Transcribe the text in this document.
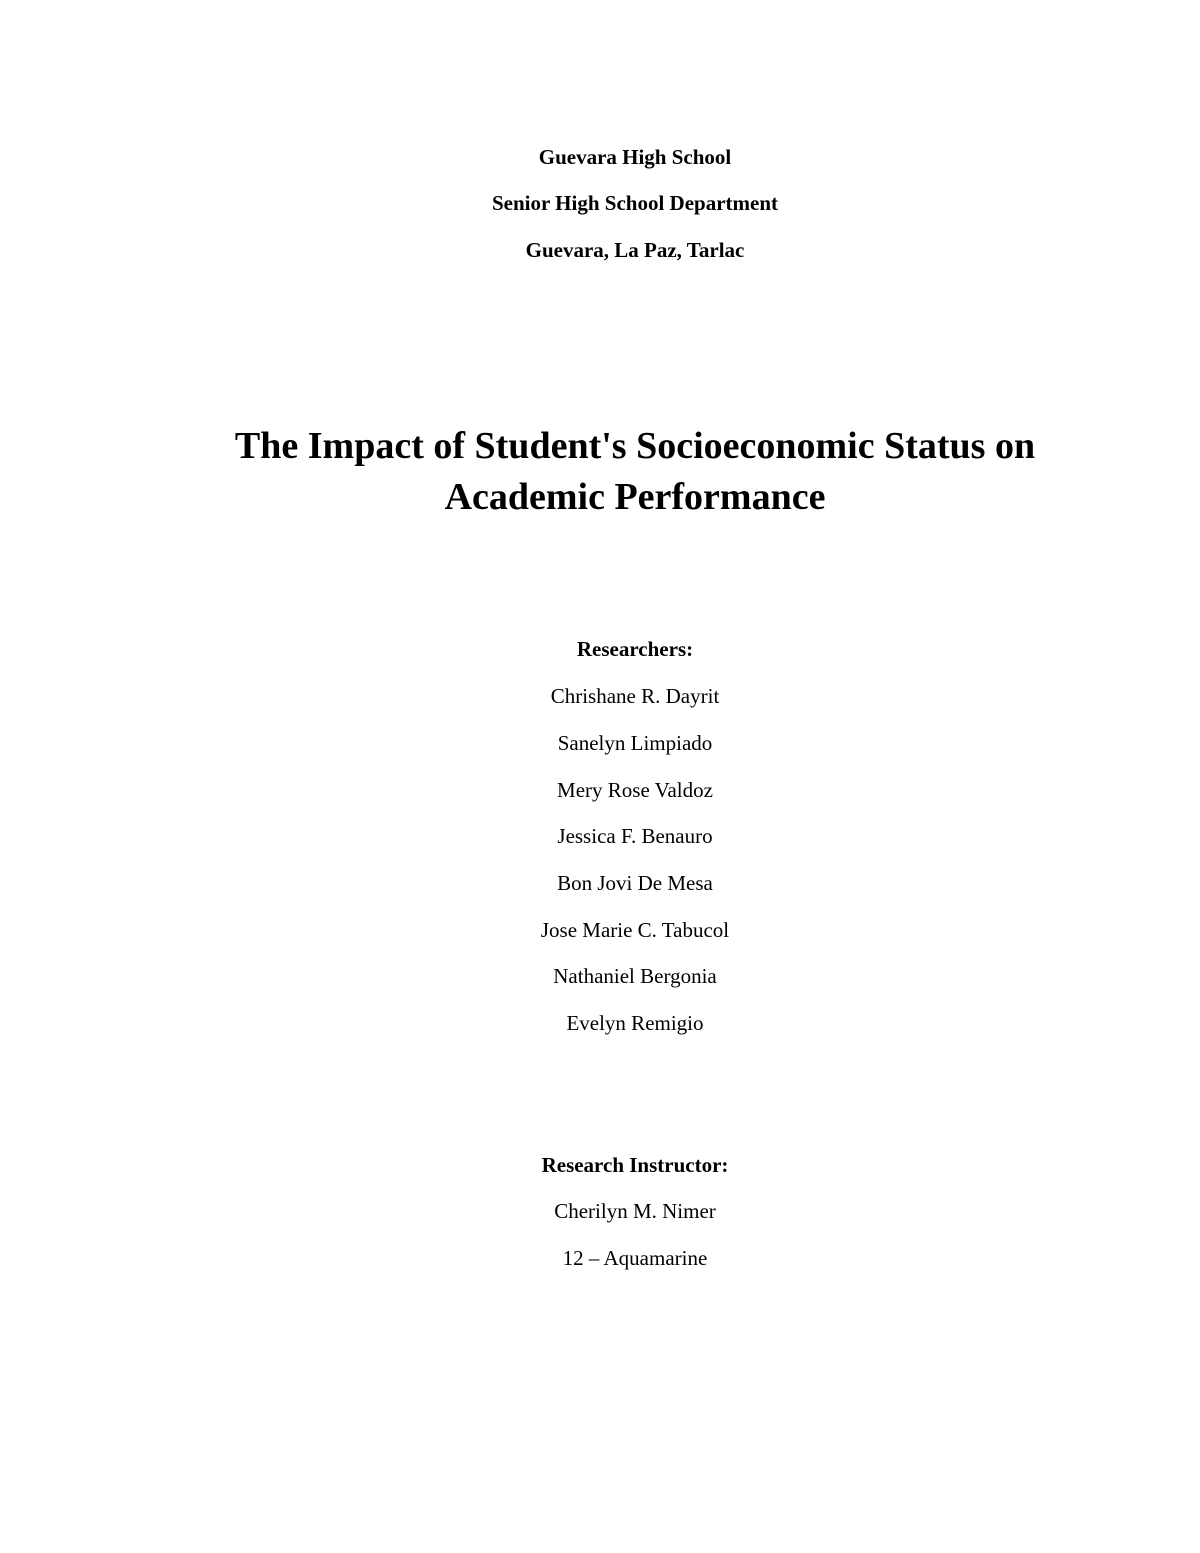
Guevara High School
Senior High School Department
Guevara, La Paz, Tarlac
The Impact of Student's Socioeconomic Status on
Academic Performance
Researchers:
Chrishane R. Dayrit
Sanelyn Limpiado
Mery Rose Valdoz
Jessica F. Benauro
Bon Jovi De Mesa
Jose Marie C. Tabucol
Nathaniel Bergonia
Evelyn Remigio
Research Instructor:
Cherilyn M. Nimer
12 – Aquamarine
